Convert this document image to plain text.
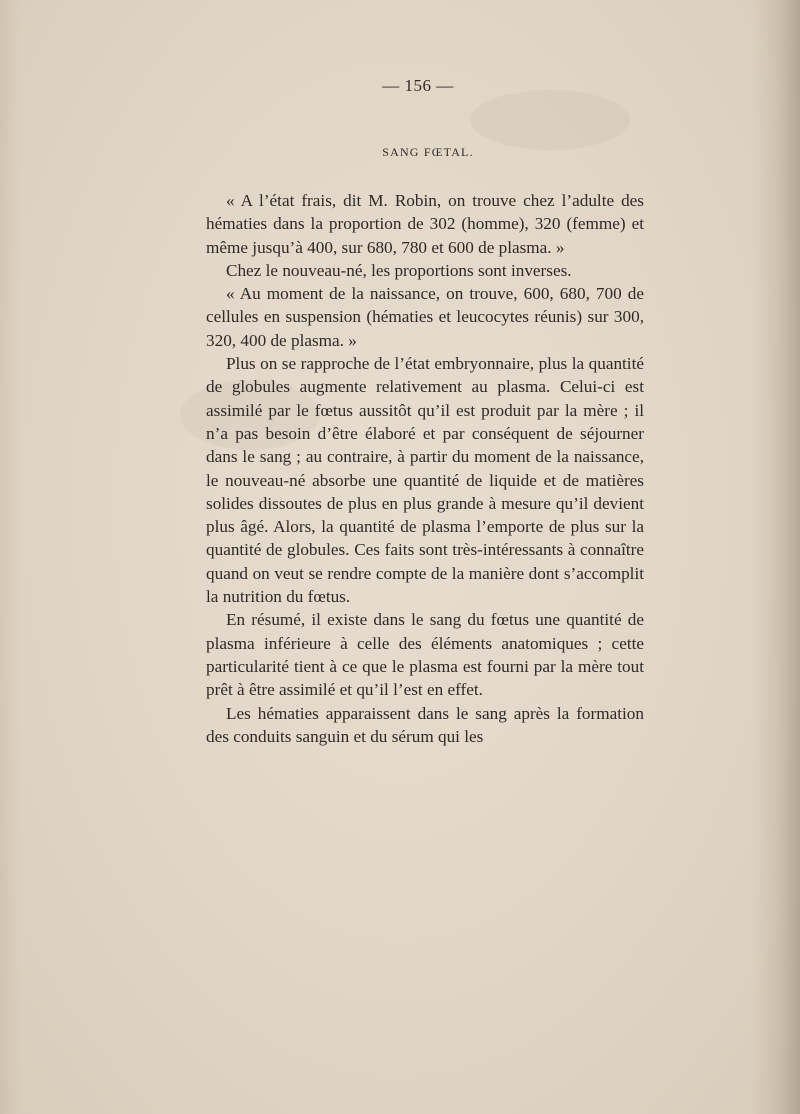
— 156 —
SANG FŒTAL.

« A l’état frais, dit M. Robin, on trouve chez l’adulte des hématies dans la proportion de 302 (homme), 320 (femme) et même jusqu’à 400, sur 680, 780 et 600 de plasma. »

Chez le nouveau-né, les proportions sont inverses.

« Au moment de la naissance, on trouve, 600, 680, 700 de cellules en suspension (hématies et leucocytes réunis) sur 300, 320, 400 de plasma. »

Plus on se rapproche de l’état embryonnaire, plus la quantité de globules augmente relativement au plasma. Celui-ci est assimilé par le fœtus aussitôt qu’il est produit par la mère ; il n’a pas besoin d’être élaboré et par conséquent de séjourner dans le sang ; au contraire, à partir du moment de la naissance, le nouveau-né absorbe une quantité de liquide et de matières solides dissoutes de plus en plus grande à mesure qu’il devient plus âgé. Alors, la quantité de plasma l’emporte de plus sur la quantité de globules. Ces faits sont très-intéressants à connaître quand on veut se rendre compte de la manière dont s’accomplit la nutrition du fœtus.

En résumé, il existe dans le sang du fœtus une quantité de plasma inférieure à celle des éléments anatomiques ; cette particularité tient à ce que le plasma est fourni par la mère tout prêt à être assimilé et qu’il l’est en effet.

Les hématies apparaissent dans le sang après la formation des conduits sanguin et du sérum qui les
